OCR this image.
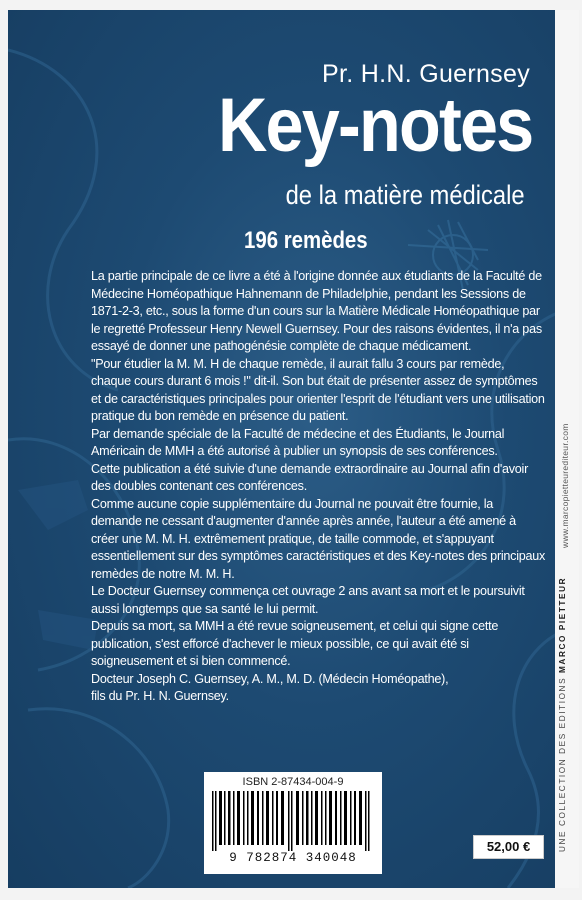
Pr. H.N. Guernsey
Key-notes
de la matière médicale
196 remèdes

La partie principale de ce livre a été à l'origine donnée aux étudiants de la Faculté de Médecine Homéopathique Hahnemann de Philadelphie, pendant les Sessions de 1871-2-3, etc., sous la forme d'un cours sur la Matière Médicale Homéopathique par le regretté Professeur Henry Newell Guernsey. Pour des raisons évidentes, il n'a pas essayé de donner une pathogénésie complète de chaque médicament.

"Pour étudier la M. M. H de chaque remède, il aurait fallu 3 cours par remède, chaque cours durant 6 mois !" dit-il. Son but était de présenter assez de symptômes et de caractéristiques principales pour orienter l'esprit de l'étudiant vers une utilisation pratique du bon remède en présence du patient.

Par demande spéciale de la Faculté de médecine et des Étudiants, le Journal Américain de MMH a été autorisé à publier un synopsis de ses conférences.

Cette publication a été suivie d'une demande extraordinaire au Journal afin d'avoir des doubles contenant ces conférences.

Comme aucune copie supplémentaire du Journal ne pouvait être fournie, la demande ne cessant d'augmenter d'année après année, l'auteur a été amené à créer une M. M. H. extrêmement pratique, de taille commode, et s'appuyant essentiellement sur des symptômes caractéristiques et des Key-notes des principaux remèdes de notre M. M. H.

Le Docteur Guernsey commença cet ouvrage 2 ans avant sa mort et le poursuivit aussi longtemps que sa santé le lui permit.

Depuis sa mort, sa MMH a été revue soigneusement, et celui qui signe cette publication, s'est efforcé d'achever le mieux possible, ce qui avait été si soigneusement et si bien commencé.

Docteur Joseph C. Guernsey, A. M., M. D. (Médecin Homéopathe),

fils du Pr. H. N. Guernsey.

ISBN 2-87434-004-9
9 782874 340048
52,00 €	UNE COLLECTION DES EDITIONS MARCO PIETTEUR
www.marcopietteurediteur.com
